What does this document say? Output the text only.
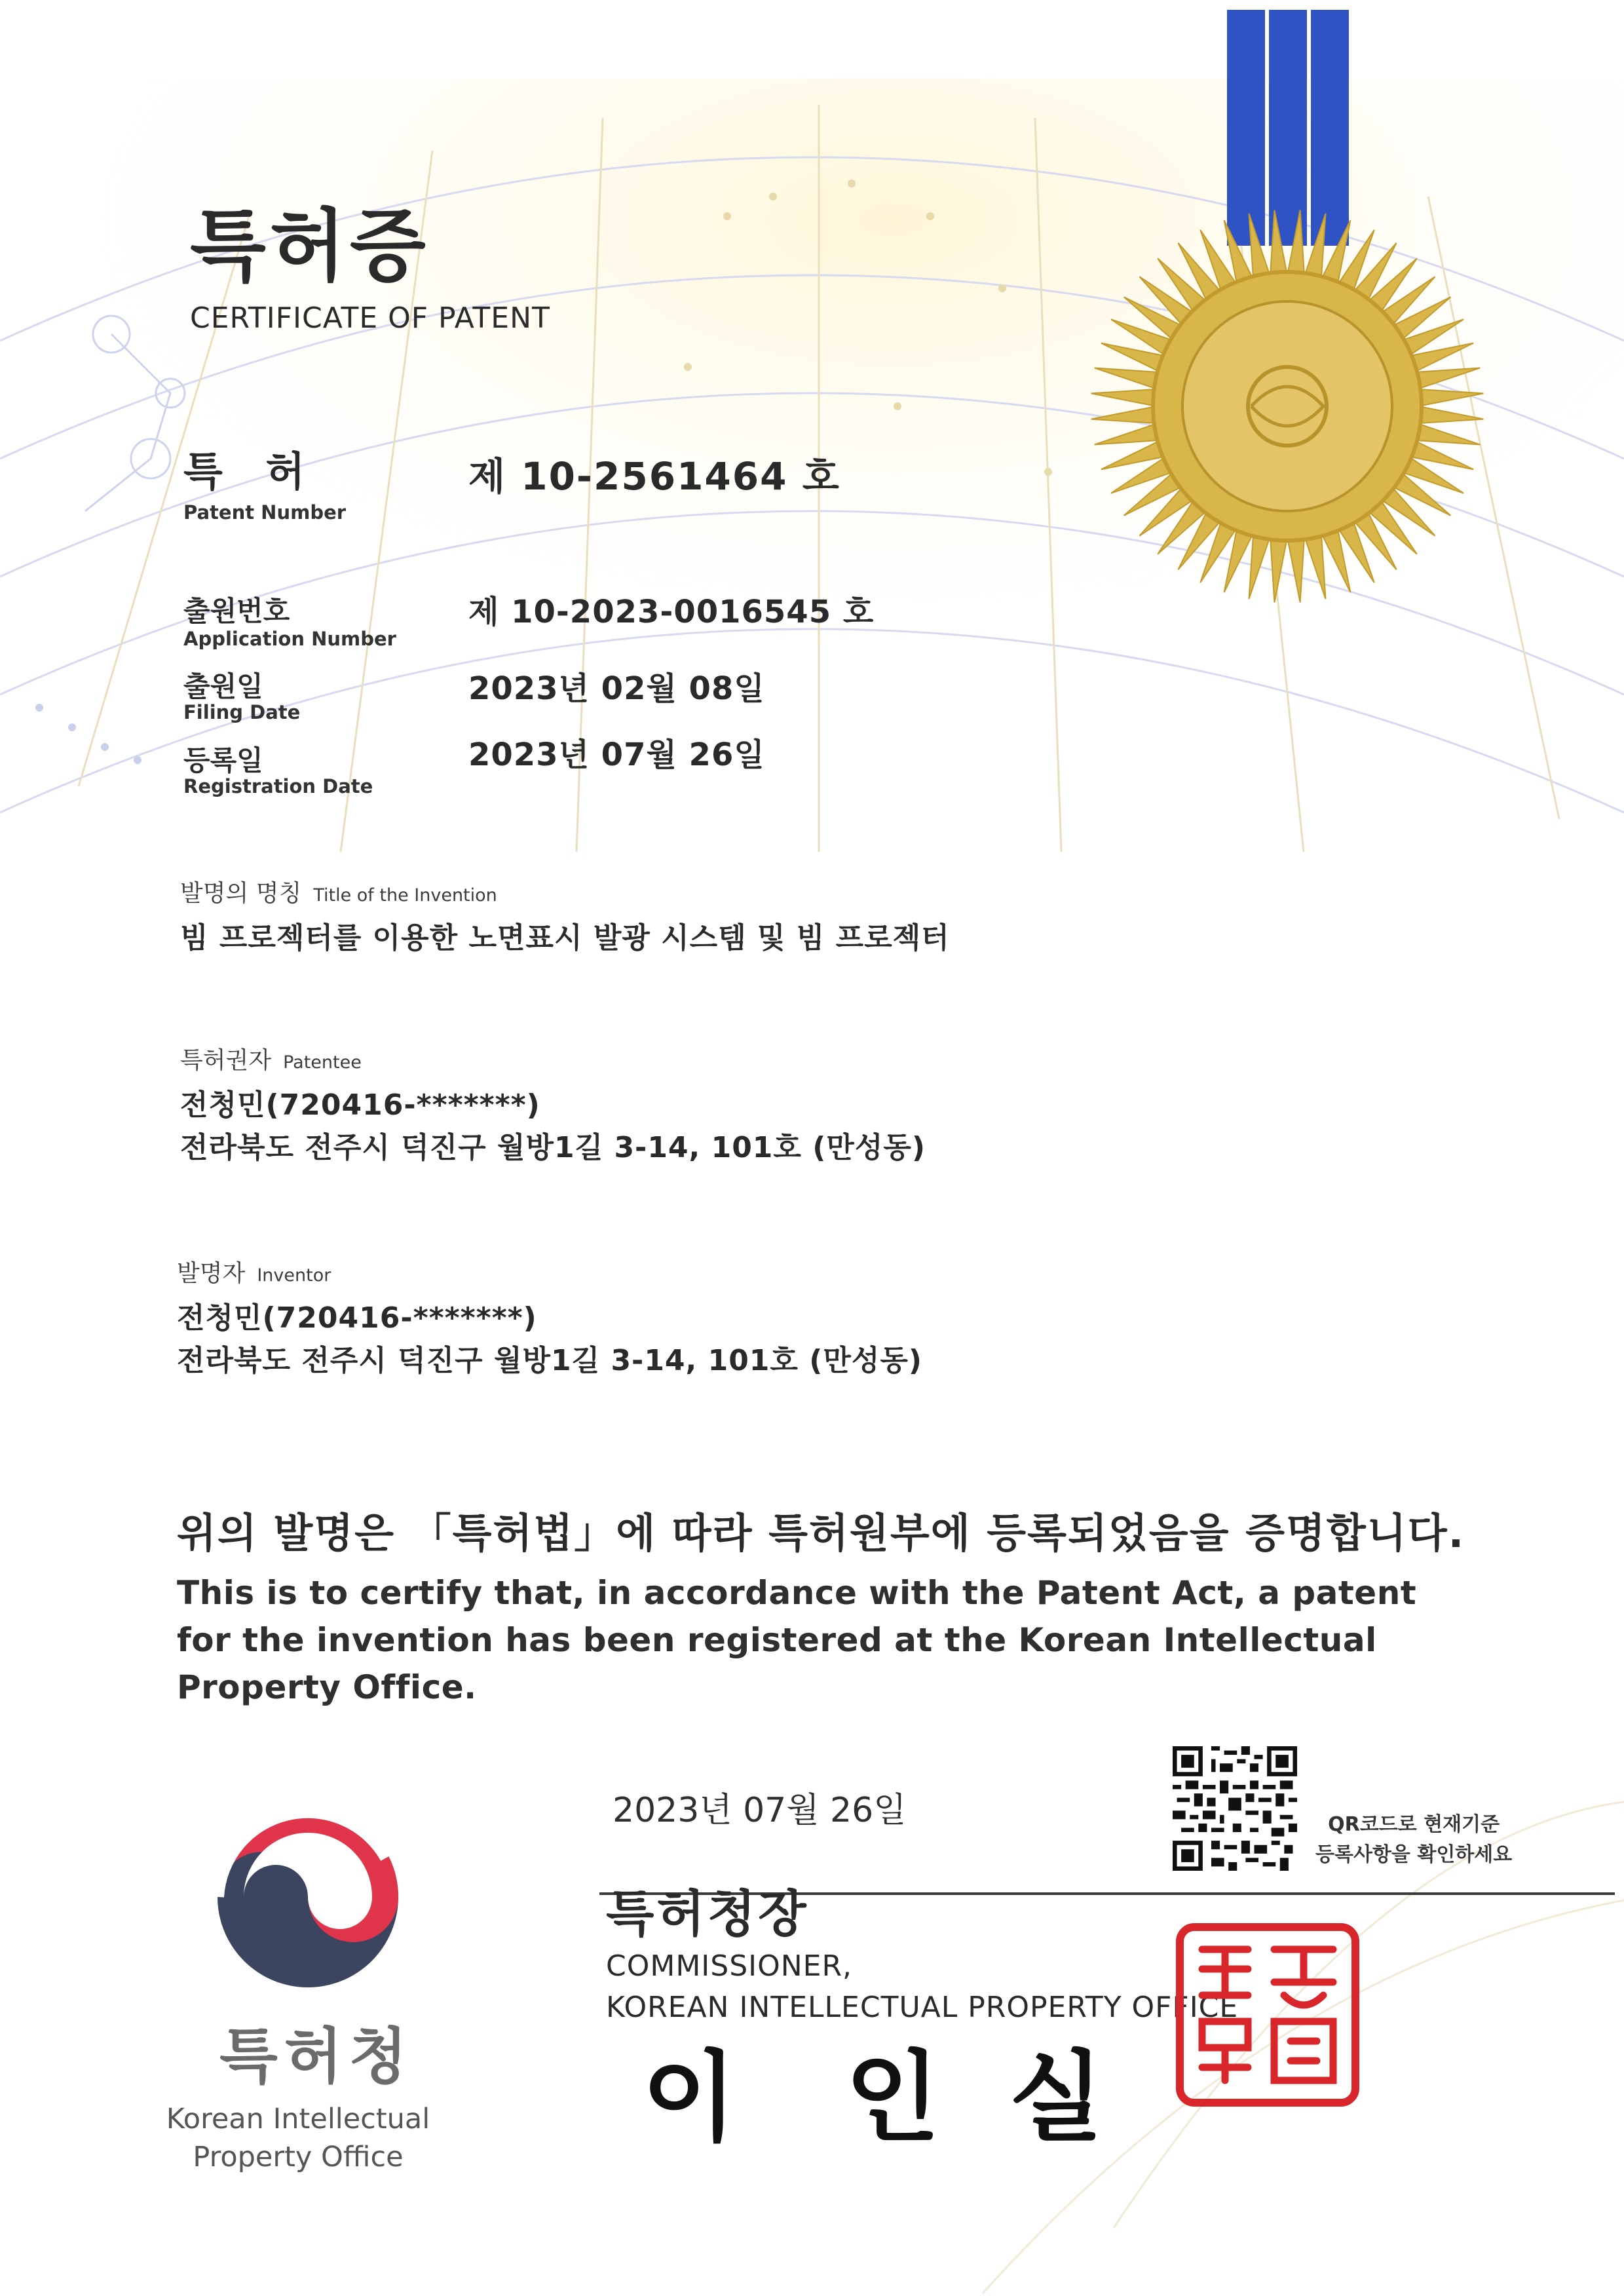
특허증
CERTIFICATE OF PATENT
특 허
Patent Number
제 10-2561464 호
출원번호
Application Number
제 10-2023-0016545 호
출원일
Filing Date
2023년 02월 08일
등록일
Registration Date
2023년 07월 26일
발명의 명칭 Title of the Invention
빔 프로젝터를 이용한 노면표시 발광 시스템 및 빔 프로젝터
특허권자 Patentee
전청민(720416-*******)
전라북도 전주시 덕진구 월방1길 3-14, 101호 (만성동)
발명자 Inventor
전청민(720416-*******)
전라북도 전주시 덕진구 월방1길 3-14, 101호 (만성동)
위의 발명은 「특허법」에 따라 특허원부에 등록되었음을 증명합니다.
This is to certify that, in accordance with the Patent Act, a patent for the invention has been registered at the Korean Intellectual Property Office.
2023년 07월 26일	QR코드로 현재기준
등록사항을 확인하세요
특허청장
COMMISSIONER,
KOREAN INTELLECTUAL PROPERTY OFFICE
이 인 실
특허청
Korean Intellectual Property Office
